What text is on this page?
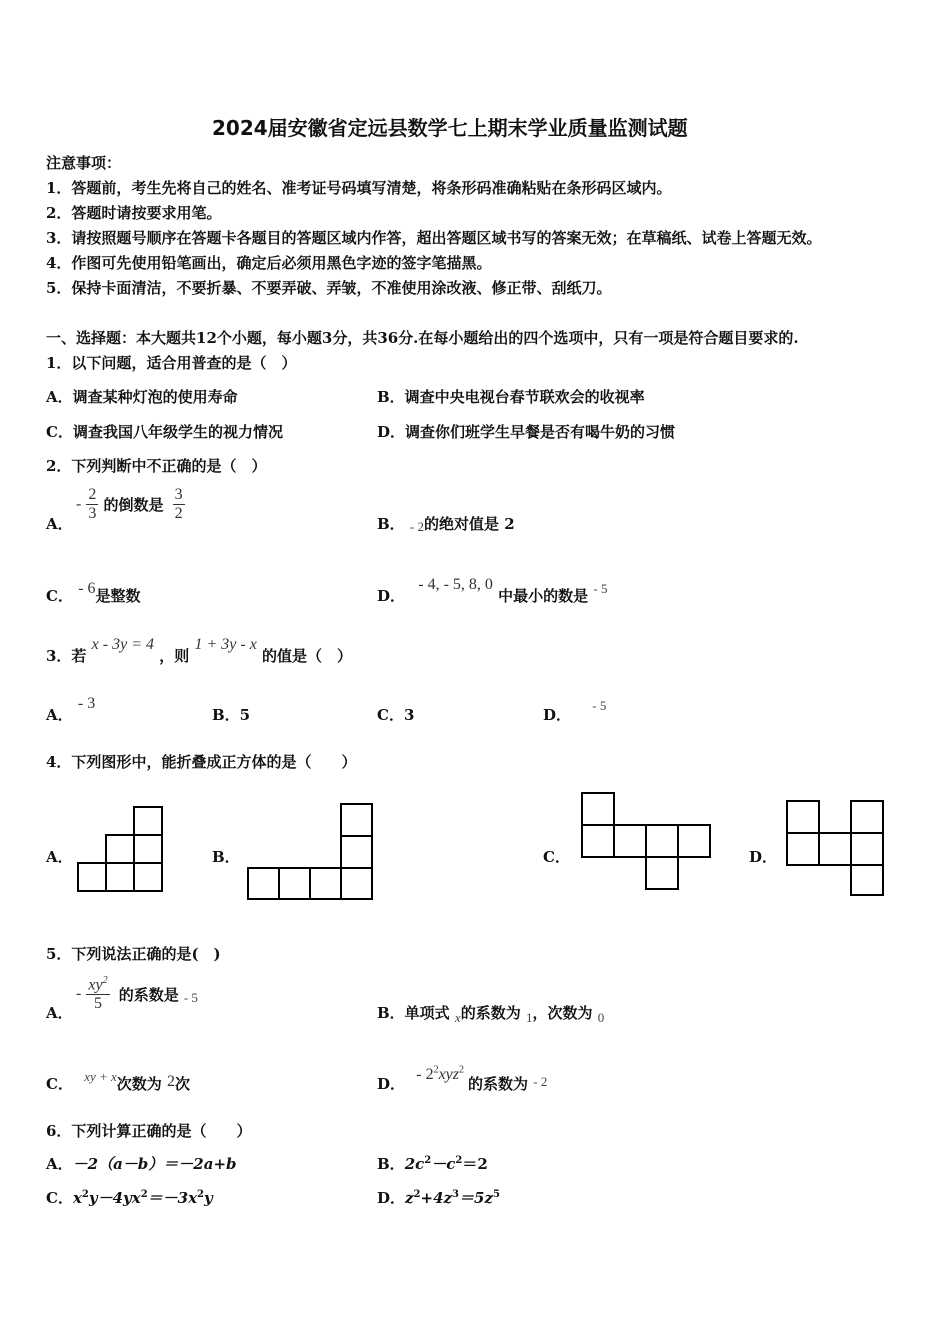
2024届安徽省定远县数学七上期末学业质量监测试题
注意事项：
1．答题前，考生先将自己的姓名、准考证号码填写清楚，将条形码准确粘贴在条形码区域内。
2．答题时请按要求用笔。
3．请按照题号顺序在答题卡各题目的答题区域内作答，超出答题区域书写的答案无效；在草稿纸、试卷上答题无效。
4．作图可先使用铅笔画出，确定后必须用黑色字迹的签字笔描黑。
5．保持卡面清洁，不要折暴、不要弄破、弄皱，不准使用涂改液、修正带、刮纸刀。
一、选择题：本大题共12个小题，每小题3分，共36分.在每小题给出的四个选项中，只有一项是符合题目要求的.
1．以下问题，适合用普查的是（　）
A．调查某种灯泡的使用寿命	B．调查中央电视台春节联欢会的收视率
C．调查我国八年级学生的视力情况	D．调查你们班学生早餐是否有喝牛奶的习惯
2．下列判断中不正确的是（　）
A．
- $\frac{2}{3}$ 的倒数是 $\frac{3}{2}$
B． - 2的绝对值是 2
C． - 6是整数	D． - 4, - 5, 8, 0 中最小的数是 - 5
3．若 x - 3y = 4 ，则 1 + 3y - x 的值是（　）
A． - 3
B．5	C．3	D． - 5
4．下列图形中，能折叠成正方体的是（　　）
A．	B．	C．	D．
5．下列说法正确的是(　)
A．
- $\frac{xy^2}{5}$ 的系数是 $_{- 5}$
B．单项式 x的系数为 1，次数为 0
C． xy + x次数为 2次	D． - $2^2xyz^2$ 的系数为 - 2
6．下列计算正确的是（　　）
A．－2（a－b）＝－2a+b	B．$2c^2-c^2=2$
C．$x^2y-4yx^2=-3x^2y$	D．$z^2+4z^3=5z^5$
